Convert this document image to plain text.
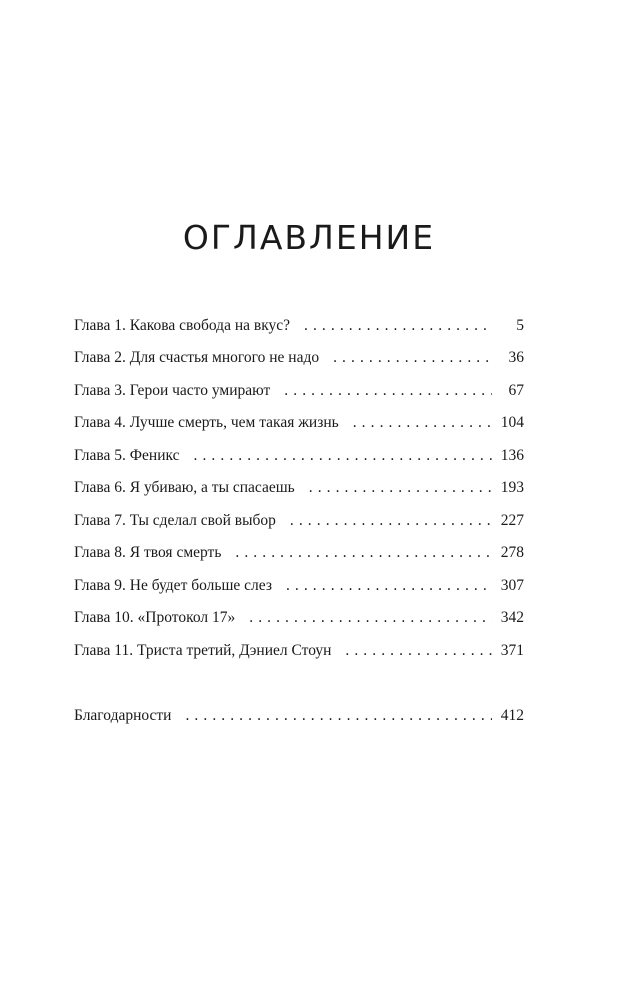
ОГЛАВЛЕНИЕ
Глава 1. Какова свобода на вкус? . . .	5
Глава 2. Для счастья многого не надо . . .	36
Глава 3. Герои часто умирают . . .	67
Глава 4. Лучше смерть, чем такая жизнь . . .	104
Глава 5. Феникс . . .	136
Глава 6. Я убиваю, а ты спасаешь . . .	193
Глава 7. Ты сделал свой выбор . . .	227
Глава 8. Я твоя смерть . . .	278
Глава 9. Не будет больше слез . . .	307
Глава 10. «Протокол 17» . . .	342
Глава 11. Триста третий, Дэниел Стоун . . .	371
Благодарности . . .	412
